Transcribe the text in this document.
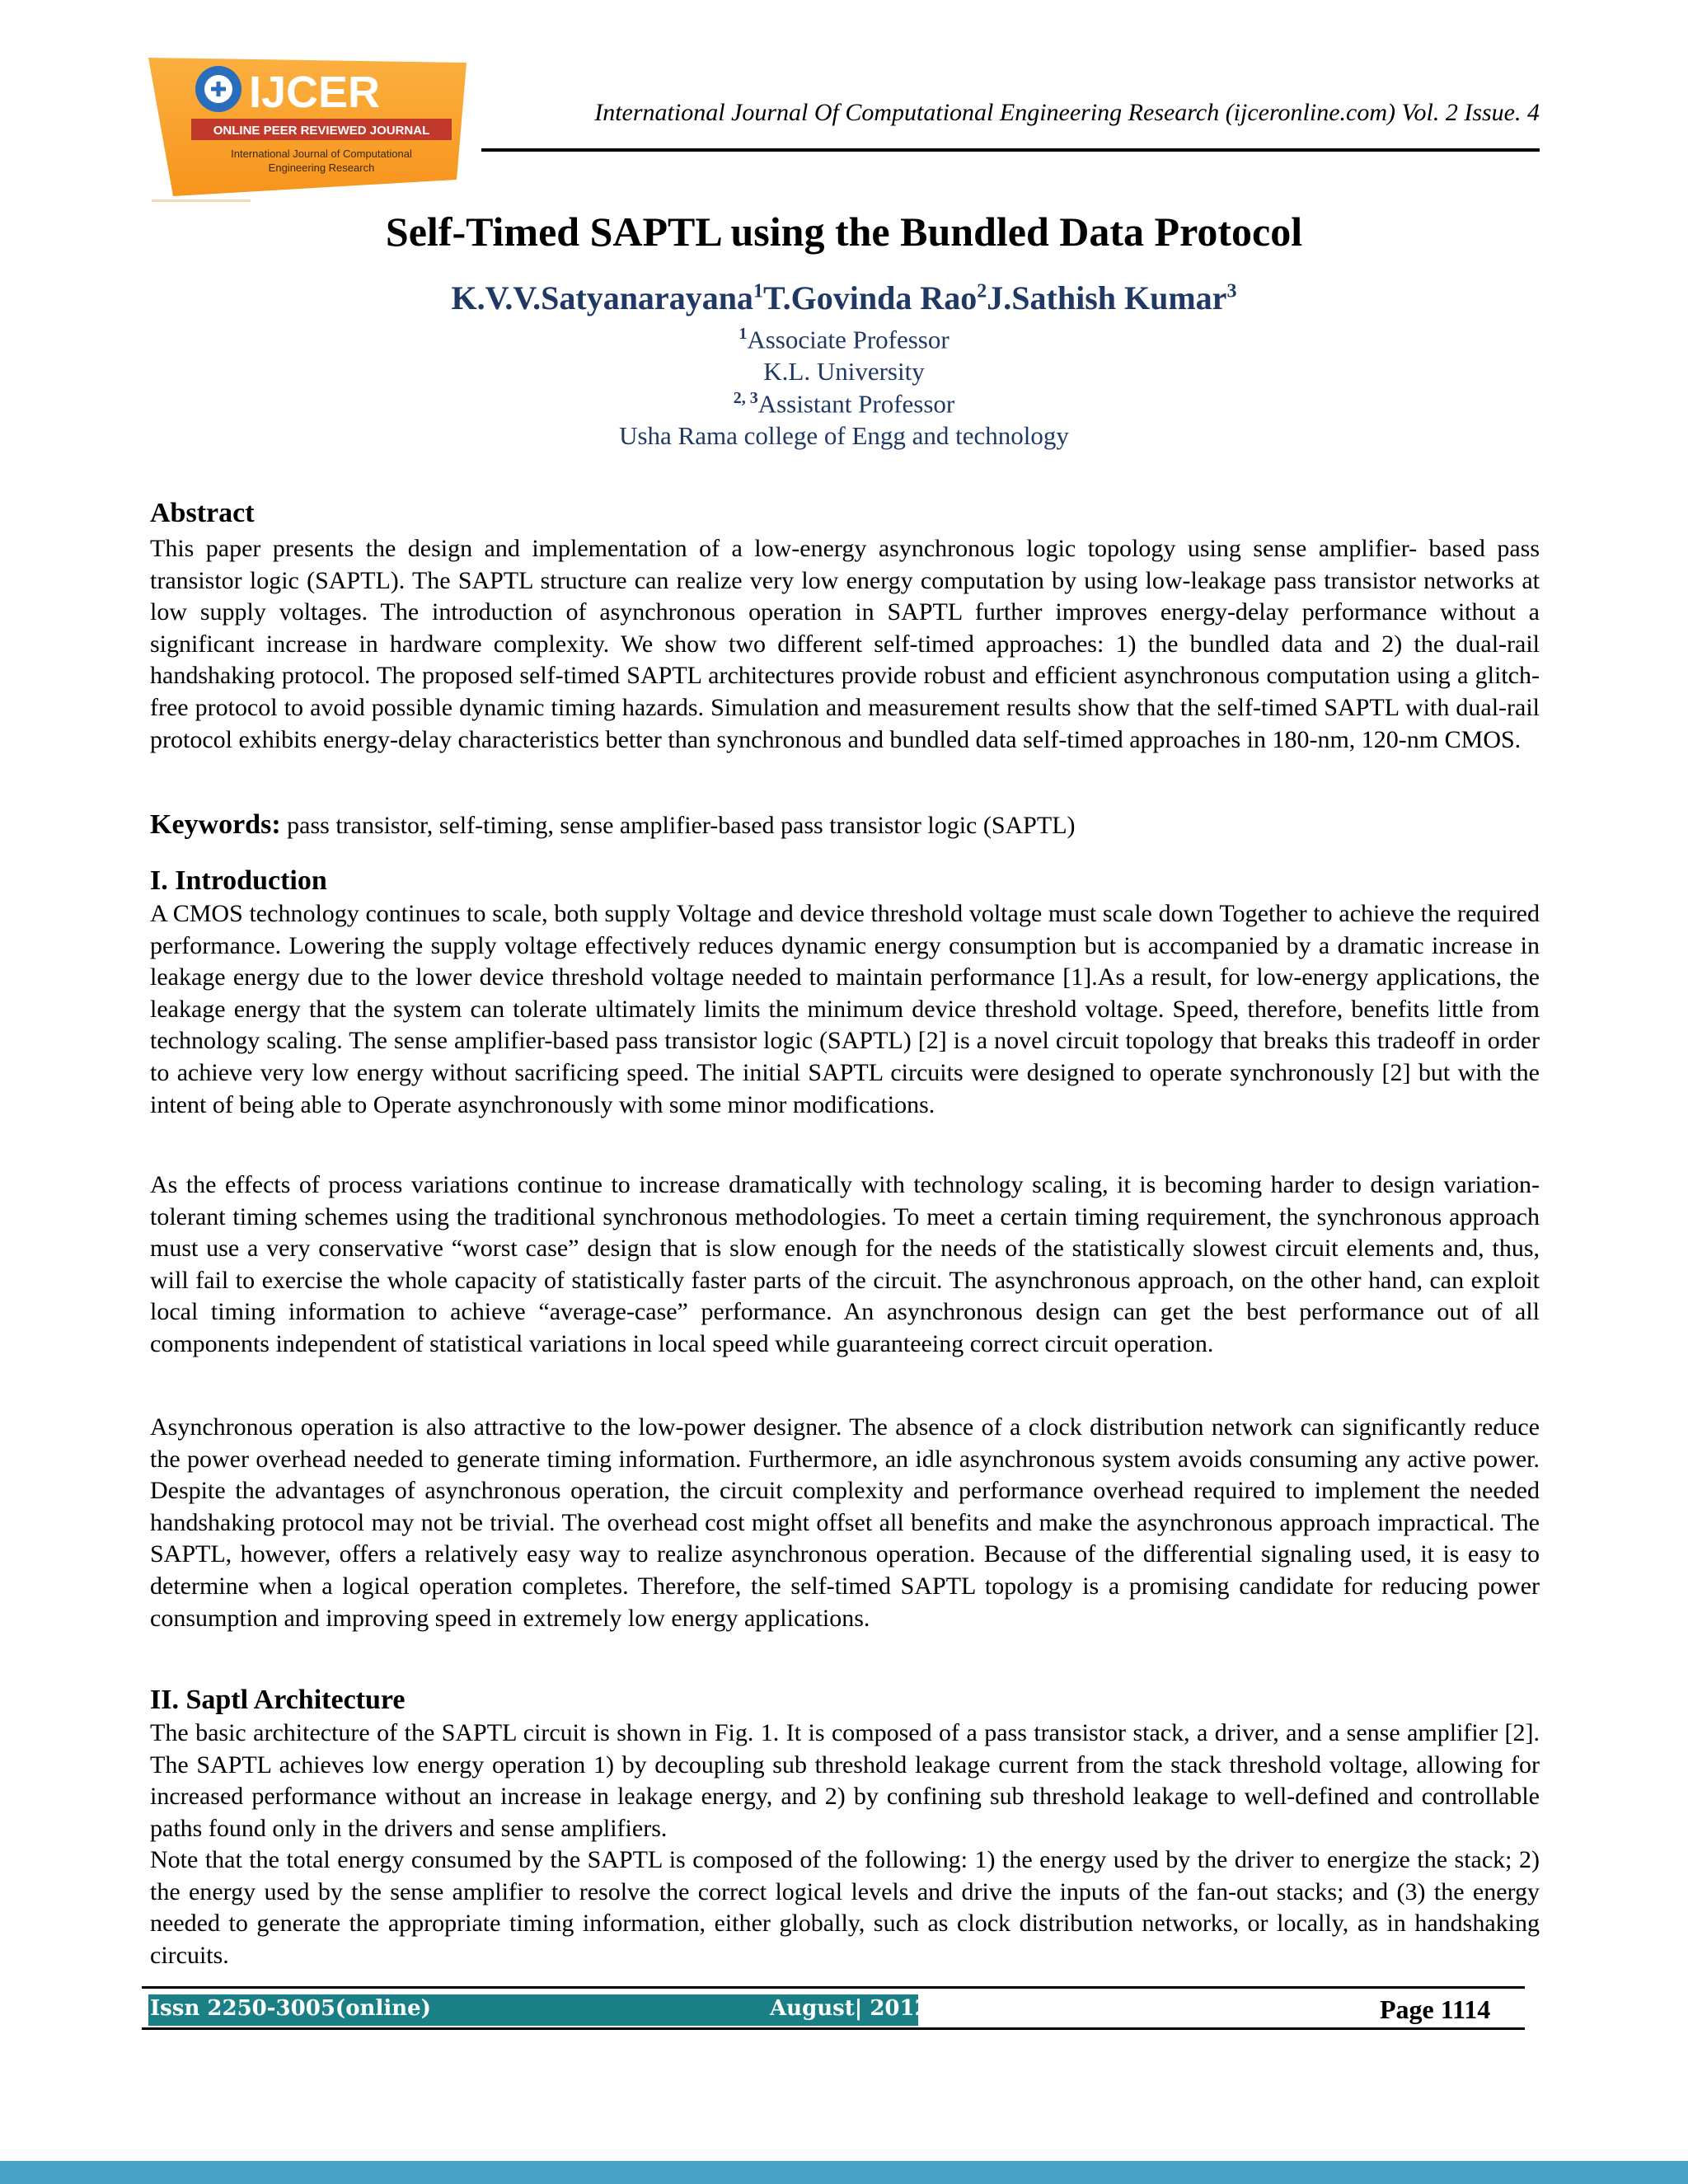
IJCER
ONLINE PEER REVIEWED JOURNAL
International Journal of Computational
Engineering Research
International Journal Of Computational Engineering Research (ijceronline.com) Vol. 2 Issue. 4
Self-Timed SAPTL using the Bundled Data Protocol
K.V.V.Satyanarayana$^1$T.Govinda Rao$^2$J.Sathish Kumar$^3$
$^1$Associate Professor
K.L. University
$^{2, 3}$Assistant Professor
Usha Rama college of Engg and technology
Abstract
This paper presents the design and implementation of a low-energy asynchronous logic topology using sense amplifier- based pass transistor logic (SAPTL). The SAPTL structure can realize very low energy computation by using low-leakage pass transistor networks at low supply voltages. The introduction of asynchronous operation in SAPTL further improves energy-delay performance without a significant increase in hardware complexity. We show two different self-timed approaches: 1) the bundled data and 2) the dual-rail handshaking protocol. The proposed self-timed SAPTL architectures provide robust and efficient asynchronous computation using a glitch-free protocol to avoid possible dynamic timing hazards. Simulation and measurement results show that the self-timed SAPTL with dual-rail protocol exhibits energy-delay characteristics better than synchronous and bundled data self-timed approaches in 180-nm, 120-nm CMOS.
Keywords: pass transistor, self-timing, sense amplifier-based pass transistor logic (SAPTL)
I. Introduction
A CMOS technology continues to scale, both supply Voltage and device threshold voltage must scale down Together to achieve the required performance. Lowering the supply voltage effectively reduces dynamic energy consumption but is accompanied by a dramatic increase in leakage energy due to the lower device threshold voltage needed to maintain performance [1].As a result, for low-energy applications, the leakage energy that the system can tolerate ultimately limits the minimum device threshold voltage. Speed, therefore, benefits little from technology scaling. The sense amplifier-based pass transistor logic (SAPTL) [2] is a novel circuit topology that breaks this tradeoff in order to achieve very low energy without sacrificing speed. The initial SAPTL circuits were designed to operate synchronously [2] but with the intent of being able to Operate asynchronously with some minor modifications.
As the effects of process variations continue to increase dramatically with technology scaling, it is becoming harder to design variation-tolerant timing schemes using the traditional synchronous methodologies. To meet a certain timing requirement, the synchronous approach must use a very conservative “worst case” design that is slow enough for the needs of the statistically slowest circuit elements and, thus, will fail to exercise the whole capacity of statistically faster parts of the circuit. The asynchronous approach, on the other hand, can exploit local timing information to achieve “average-case” performance. An asynchronous design can get the best performance out of all components independent of statistical variations in local speed while guaranteeing correct circuit operation.
Asynchronous operation is also attractive to the low-power designer. The absence of a clock distribution network can significantly reduce the power overhead needed to generate timing information. Furthermore, an idle asynchronous system avoids consuming any active power. Despite the advantages of asynchronous operation, the circuit complexity and performance overhead required to implement the needed handshaking protocol may not be trivial. The overhead cost might offset all benefits and make the asynchronous approach impractical. The SAPTL, however, offers a relatively easy way to realize asynchronous operation. Because of the differential signaling used, it is easy to determine when a logical operation completes. Therefore, the self-timed SAPTL topology is a promising candidate for reducing power consumption and improving speed in extremely low energy applications.
II. Saptl Architecture
The basic architecture of the SAPTL circuit is shown in Fig. 1. It is composed of a pass transistor stack, a driver, and a sense amplifier [2]. The SAPTL achieves low energy operation 1) by decoupling sub threshold leakage current from the stack threshold voltage, allowing for increased performance without an increase in leakage energy, and 2) by confining sub threshold leakage to well-defined and controllable paths found only in the drivers and sense amplifiers.
Note that the total energy consumed by the SAPTL is composed of the following: 1) the energy used by the driver to energize the stack; 2) the energy used by the sense amplifier to resolve the correct logical levels and drive the inputs of the fan-out stacks; and (3) the energy needed to generate the appropriate timing information, either globally, such as clock distribution networks, or locally, as in handshaking circuits.
Issn 2250-3005(online)	August| 2012	Page 1114
